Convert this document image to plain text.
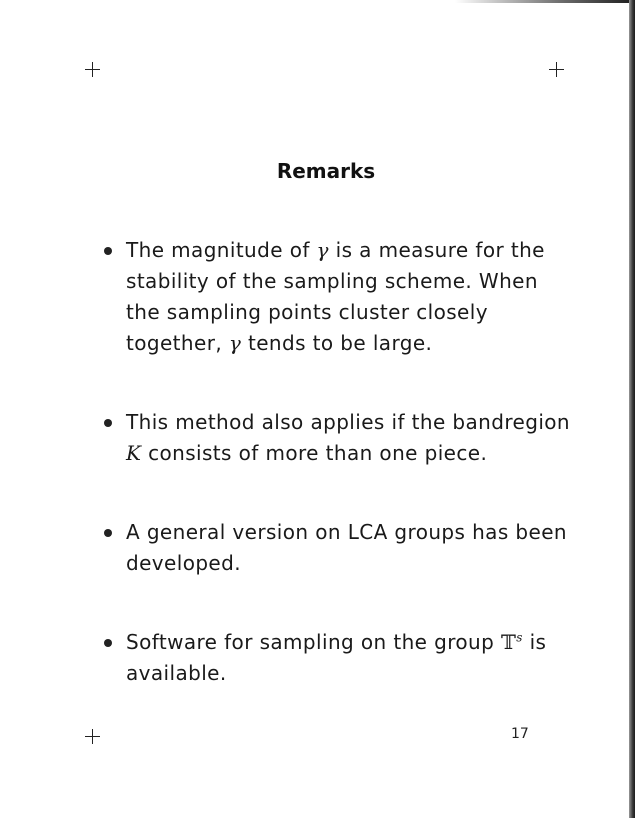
Remarks
The magnitude of γ is a measure for the stability of the sampling scheme. When the sampling points cluster closely together, γ tends to be large.
This method also applies if the bandregion K consists of more than one piece.
A general version on LCA groups has been developed.
Software for sampling on the group 𝕋$^s$ is available.
17
